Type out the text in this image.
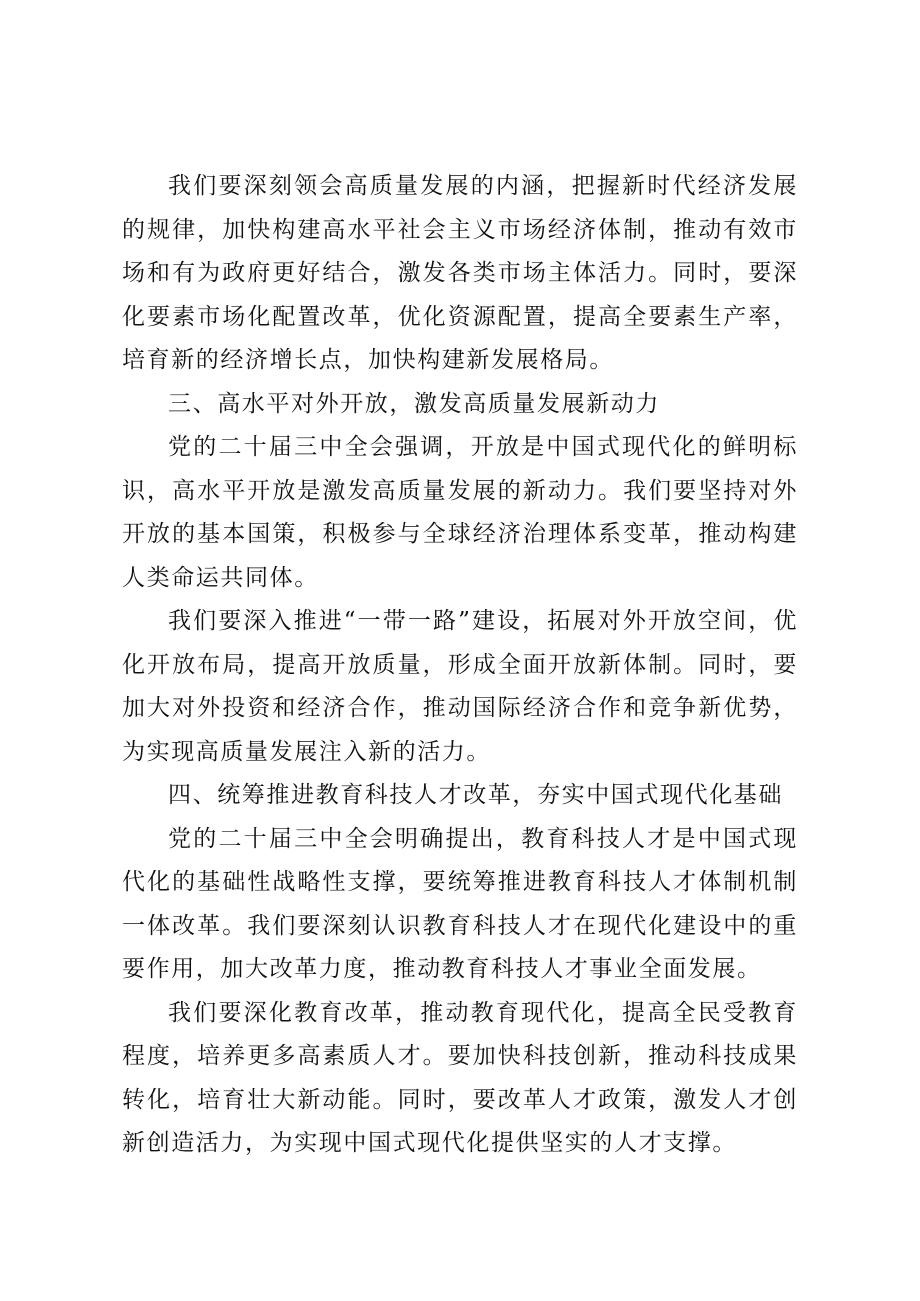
我们要深刻领会高质量发展的内涵，把握新时代经济发展的规律，加快构建高水平社会主义市场经济体制，推动有效市场和有为政府更好结合，激发各类市场主体活力。同时，要深化要素市场化配置改革，优化资源配置，提高全要素生产率，培育新的经济增长点，加快构建新发展格局。

三、高水平对外开放，激发高质量发展新动力

党的二十届三中全会强调，开放是中国式现代化的鲜明标识，高水平开放是激发高质量发展的新动力。我们要坚持对外开放的基本国策，积极参与全球经济治理体系变革，推动构建人类命运共同体。

我们要深入推进“一带一路”建设，拓展对外开放空间，优化开放布局，提高开放质量，形成全面开放新体制。同时，要加大对外投资和经济合作，推动国际经济合作和竞争新优势，为实现高质量发展注入新的活力。

四、统筹推进教育科技人才改革，夯实中国式现代化基础

党的二十届三中全会明确提出，教育科技人才是中国式现代化的基础性战略性支撑，要统筹推进教育科技人才体制机制一体改革。我们要深刻认识教育科技人才在现代化建设中的重要作用，加大改革力度，推动教育科技人才事业全面发展。

我们要深化教育改革，推动教育现代化，提高全民受教育程度，培养更多高素质人才。要加快科技创新，推动科技成果转化，培育壮大新动能。同时，要改革人才政策，激发人才创新创造活力，为实现中国式现代化提供坚实的人才支撑。
